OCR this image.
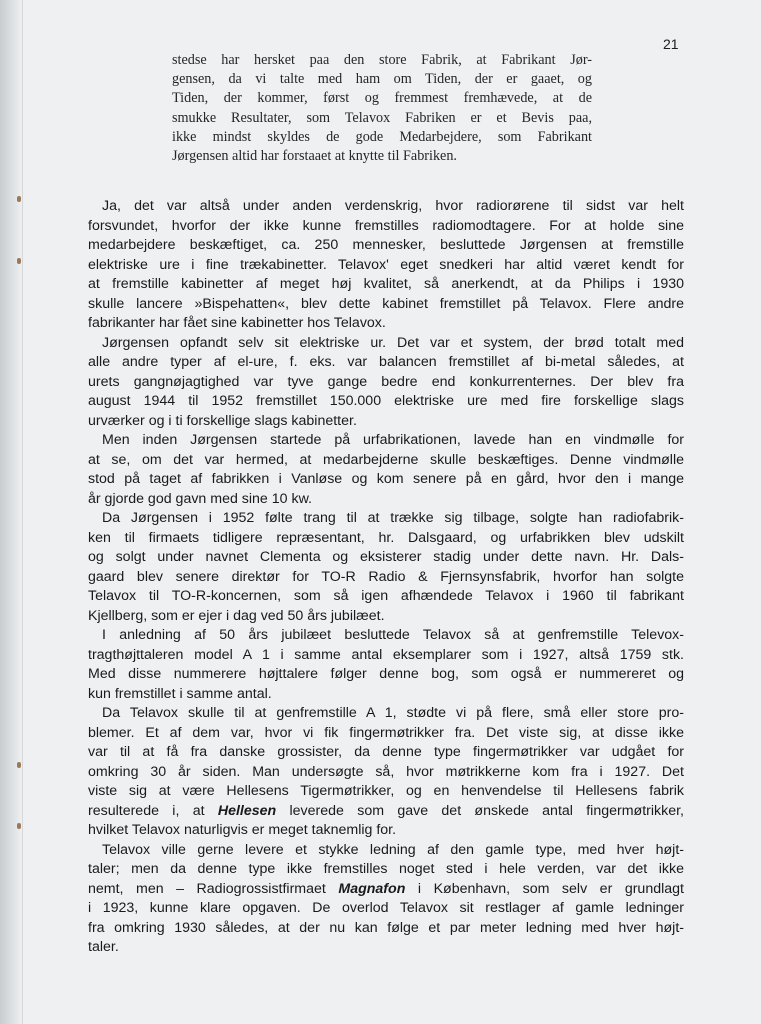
21
stedse har hersket paa den store Fabrik, at Fabrikant Jør-
gensen, da vi talte med ham om Tiden, der er gaaet, og
Tiden, der kommer, først og fremmest fremhævede, at de
smukke Resultater, som Telavox Fabriken er et Bevis paa,
ikke mindst skyldes de gode Medarbejdere, som Fabrikant
Jørgensen altid har forstaaet at knytte til Fabriken.
Ja, det var altså under anden verdenskrig, hvor radiorørene til sidst var helt
forsvundet, hvorfor der ikke kunne fremstilles radiomodtagere. For at holde sine
medarbejdere beskæftiget, ca. 250 mennesker, besluttede Jørgensen at fremstille
elektriske ure i fine trækabinetter. Telavox' eget snedkeri har altid været kendt for
at fremstille kabinetter af meget høj kvalitet, så anerkendt, at da Philips i 1930
skulle lancere »Bispehatten«, blev dette kabinet fremstillet på Telavox. Flere andre
fabrikanter har fået sine kabinetter hos Telavox.
Jørgensen opfandt selv sit elektriske ur. Det var et system, der brød totalt med
alle andre typer af el-ure, f. eks. var balancen fremstillet af bi-metal således, at
urets gangnøjagtighed var tyve gange bedre end konkurrenternes. Der blev fra
august 1944 til 1952 fremstillet 150.000 elektriske ure med fire forskellige slags
urværker og i ti forskellige slags kabinetter.
Men inden Jørgensen startede på urfabrikationen, lavede han en vindmølle for
at se, om det var hermed, at medarbejderne skulle beskæftiges. Denne vindmølle
stod på taget af fabrikken i Vanløse og kom senere på en gård, hvor den i mange
år gjorde god gavn med sine 10 kw.
Da Jørgensen i 1952 følte trang til at trække sig tilbage, solgte han radiofabrik-
ken til firmaets tidligere repræsentant, hr. Dalsgaard, og urfabrikken blev udskilt
og solgt under navnet Clementa og eksisterer stadig under dette navn. Hr. Dals-
gaard blev senere direktør for TO-R Radio & Fjernsynsfabrik, hvorfor han solgte
Telavox til TO-R-koncernen, som så igen afhændede Telavox i 1960 til fabrikant
Kjellberg, som er ejer i dag ved 50 års jubilæet.
I anledning af 50 års jubilæet besluttede Telavox så at genfremstille Televox-
tragthøjttaleren model A 1 i samme antal eksemplarer som i 1927, altså 1759 stk.
Med disse nummerere højttalere følger denne bog, som også er nummereret og
kun fremstillet i samme antal.
Da Telavox skulle til at genfremstille A 1, stødte vi på flere, små eller store pro-
blemer. Et af dem var, hvor vi fik fingermøtrikker fra. Det viste sig, at disse ikke
var til at få fra danske grossister, da denne type fingermøtrikker var udgået for
omkring 30 år siden. Man undersøgte så, hvor møtrikkerne kom fra i 1927. Det
viste sig at være Hellesens Tigermøtrikker, og en henvendelse til Hellesens fabrik
resulterede i, at Hellesen leverede som gave det ønskede antal fingermøtrikker,
hvilket Telavox naturligvis er meget taknemlig for.
Telavox ville gerne levere et stykke ledning af den gamle type, med hver højt-
taler; men da denne type ikke fremstilles noget sted i hele verden, var det ikke
nemt, men – Radiogrossistfirmaet Magnafon i København, som selv er grundlagt
i 1923, kunne klare opgaven. De overlod Telavox sit restlager af gamle ledninger
fra omkring 1930 således, at der nu kan følge et par meter ledning med hver højt-
taler.
